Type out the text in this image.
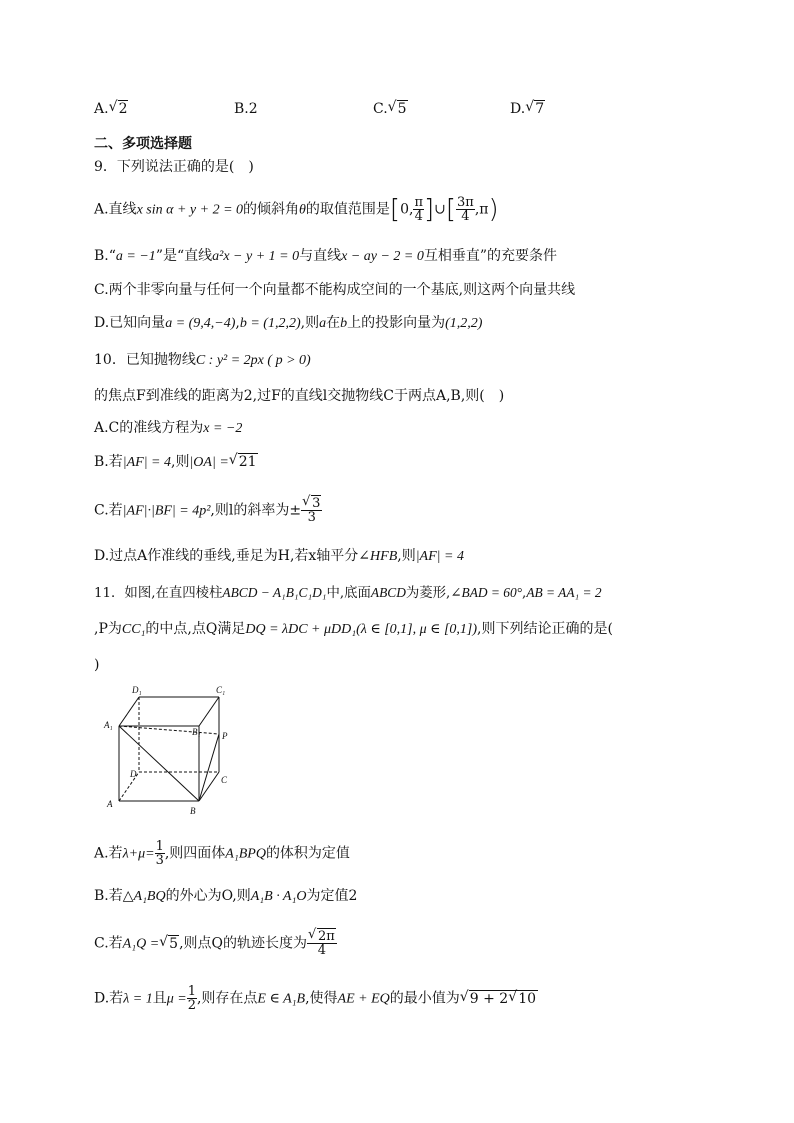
A. √ 2	B.2	C. √ 5	D. √ 7
二、多项选择题
9．下列说法正确的是(　)
A.直线x sin α + y + 2 = 0的倾斜角θ的取值范围是[0, $\frac{\pi}{4}$ ]∪[ $\frac{3\pi}{4} ,\pi$)
B.“a = −1”是“直线a²x − y + 1 = 0与直线x − ay − 2 = 0互相垂直”的充要条件
C.两个非零向量与任何一个向量都不能构成空间的一个基底,则这两个向量共线
D.已知向量a = (9,4,−4),b = (1,2,2),则a在b上的投影向量为(1,2,2)
10．已知抛物线C : y² = 2px ( p > 0)
的焦点F到准线的距离为2,过F的直线l交抛物线C于两点A,B,则(　)
A.C的准线方程为x = −2
B.若|AF| = 4,则|OA| = √ 21
C.若|AF|·|BF| = 4p²,则l的斜率为± √ $\frac{3}{3}$
D.过点A作准线的垂线,垂足为H,若x轴平分∠HFB,则|AF| = 4
11．如图,在直四棱柱ABCD − A₁B₁C₁D₁中,底面ABCD为菱形,∠BAD = 60°,AB = AA₁ = 2
,P为CC₁的中点,点Q满足DQ = λDC + μDD₁(λ ∈ [0,1], μ ∈ [0,1]),则下列结论正确的是(
)
D₁	C₁
A₁
B₁ P
D
C
A
B
A.若$\lambda+\mu= \frac{1}{3}$ ,则四面体A₁BPQ的体积为定值
B.若△A₁BQ的外心为O,则A₁B · A₁O为定值2
C.若A₁Q = √ 5,则点Q的轨迹长度为 √ $\frac{2\pi}{4}$
D.若λ = 1且$\mu = \frac{1}{2}$ ,则存在点E ∈ A₁B,使得AE + EQ的最小值为 √ 9 + 2 √ 10
